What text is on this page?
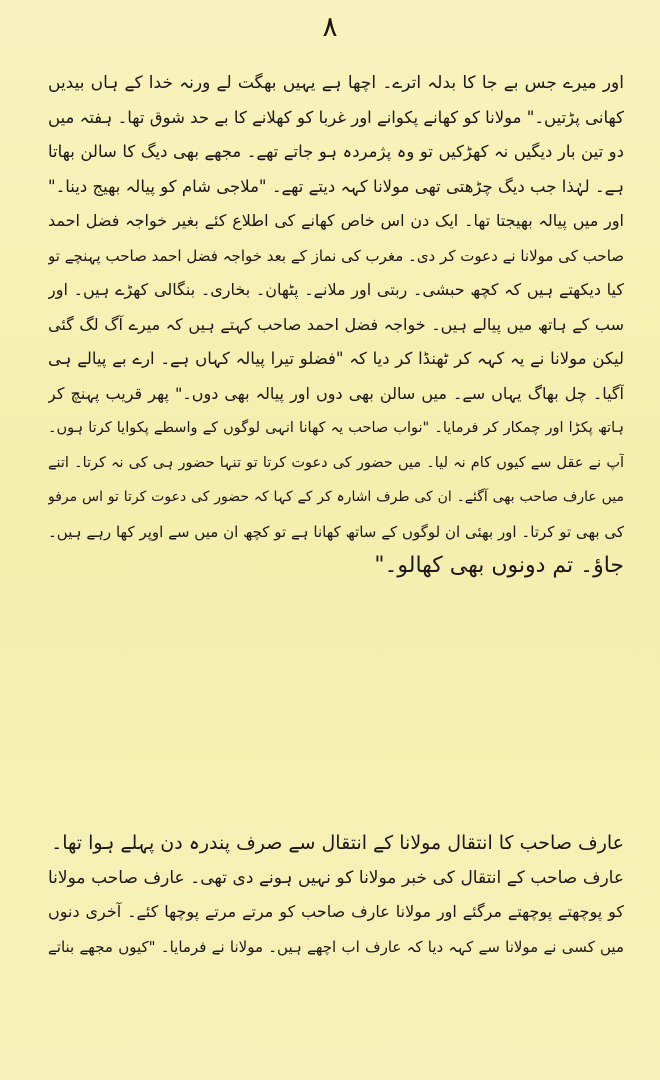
۸
اور میرے جس بے جا کا بدلہ اترے۔ اچھا ہے یہیں بھگت لے ورنہ خدا کے ہاں بیدیں
کھانی پڑتیں۔" مولانا کو کھانے پکوانے اور غربا کو کھلانے کا بے حد شوق تھا۔ ہفتہ میں
دو تین بار دیگیں نہ کھڑکیں تو وہ پژمردہ ہو جاتے تھے۔ مجھے بھی دیگ کا سالن بھاتا
ہے۔ لہٰذا جب دیگ چڑھتی تھی مولانا کہہ دیتے تھے۔ "ملاجی شام کو پیالہ بھیج دینا۔"
اور میں پیالہ بھیجتا تھا۔ ایک دن اس خاص کھانے کی اطلاع کئے بغیر خواجہ فضل احمد
صاحب کی مولانا نے دعوت کر دی۔ مغرب کی نماز کے بعد خواجہ فضل احمد صاحب پہنچے تو
کیا دیکھتے ہیں کہ کچھ حبشی۔ ربتی اور ملانے۔ پٹھان۔ بخاری۔ بنگالی کھڑے ہیں۔ اور
سب کے ہاتھ میں پیالے ہیں۔ خواجہ فضل احمد صاحب کہتے ہیں کہ میرے آگ لگ گئی
لیکن مولانا نے یہ کہہ کر ٹھنڈا کر دیا کہ "فضلو تیرا پیالہ کہاں ہے۔ ارے بے پیالے ہی
آگیا۔ چل بھاگ یہاں سے۔ میں سالن بھی دوں اور پیالہ بھی دوں۔" پھر قریب پہنچ کر
ہاتھ پکڑا اور چمکار کر فرمایا۔ "نواب صاحب یہ کھانا انہی لوگوں کے واسطے پکوایا کرتا ہوں۔
آپ نے عقل سے کیوں کام نہ لیا۔ میں حضور کی دعوت کرتا تو تنہا حضور ہی کی نہ کرتا۔ اتنے
میں عارف صاحب بھی آگئے۔ ان کی طرف اشارہ کر کے کہا کہ حضور کی دعوت کرتا تو اس مرفو
کی بھی تو کرتا۔ اور بھئی ان لوگوں کے ساتھ کھانا ہے تو کچھ ان میں سے اوپر کھا رہے ہیں۔
جاؤ۔ تم دونوں بھی کھالو۔"
عارف صاحب کا انتقال مولانا کے انتقال سے صرف پندرہ دن پہلے ہوا تھا۔
عارف صاحب کے انتقال کی خبر مولانا کو نہیں ہونے دی تھی۔ عارف صاحب مولانا
کو پوچھتے پوچھتے مرگئے اور مولانا عارف صاحب کو مرتے مرتے پوچھا کئے۔ آخری دنوں
میں کسی نے مولانا سے کہہ دیا کہ عارف اب اچھے ہیں۔ مولانا نے فرمایا۔ "کیوں مجھے بناتے
